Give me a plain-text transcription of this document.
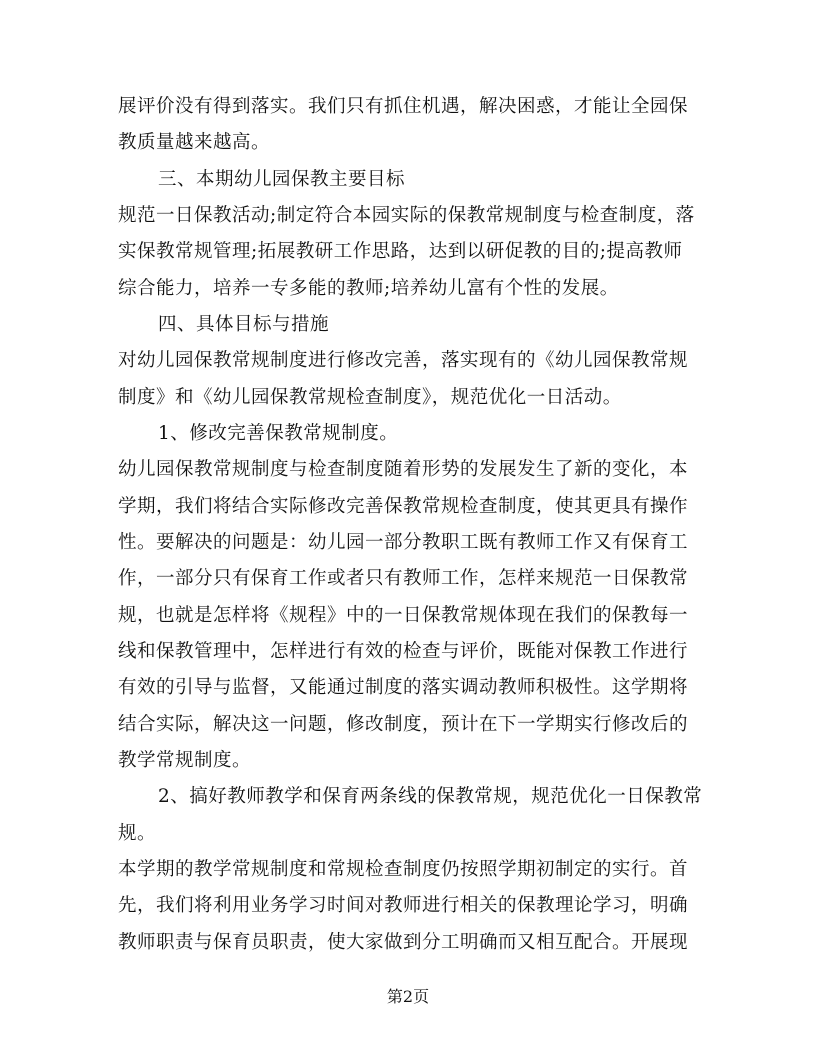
展评价没有得到落实。我们只有抓住机遇，解决困惑，才能让全园保
教质量越来越高。
三、本期幼儿园保教主要目标
规范一日保教活动;制定符合本园实际的保教常规制度与检查制度，落
实保教常规管理;拓展教研工作思路，达到以研促教的目的;提高教师
综合能力，培养一专多能的教师;培养幼儿富有个性的发展。
四、具体目标与措施
对幼儿园保教常规制度进行修改完善，落实现有的《幼儿园保教常规
制度》和《幼儿园保教常规检查制度》，规范优化一日活动。
1、修改完善保教常规制度。
幼儿园保教常规制度与检查制度随着形势的发展发生了新的变化，本
学期，我们将结合实际修改完善保教常规检查制度，使其更具有操作
性。要解决的问题是：幼儿园一部分教职工既有教师工作又有保育工
作，一部分只有保育工作或者只有教师工作，怎样来规范一日保教常
规，也就是怎样将《规程》中的一日保教常规体现在我们的保教每一
线和保教管理中，怎样进行有效的检查与评价，既能对保教工作进行
有效的引导与监督，又能通过制度的落实调动教师积极性。这学期将
结合实际，解决这一问题，修改制度，预计在下一学期实行修改后的
教学常规制度。
2、搞好教师教学和保育两条线的保教常规，规范优化一日保教常
规。
本学期的教学常规制度和常规检查制度仍按照学期初制定的实行。首
先，我们将利用业务学习时间对教师进行相关的保教理论学习，明确
教师职责与保育员职责，使大家做到分工明确而又相互配合。开展现
第2页
